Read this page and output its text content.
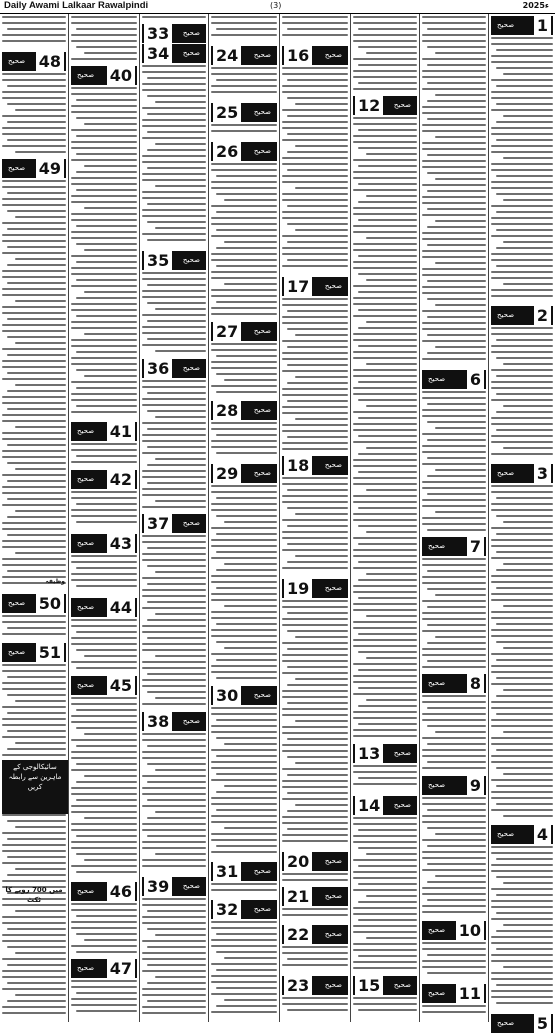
Daily Awami Lalkaar Rawalpindi	(3)	2025ء
48
صحیح
49
صحیح
50
صحیح
51
صحیح
40
صحیح
41
صحیح
42
صحیح
43
صحیح
44
صحیح
45
صحیح
46
صحیح
47
صحیح
33	صحیح
34	صحیح
35	صحیح
36	صحیح
37	صحیح
38	صحیح
39	صحیح
24	صحیح
25	صحیح
26	صحیح
27	صحیح
28	صحیح
29	صحیح
30	صحیح
31	صحیح
32	صحیح
16	صحیح
17	صحیح
18	صحیح
19	صحیح
20	صحیح
21	صحیح
22	صحیح
23	صحیح
12	صحیح
13	صحیح
14	صحیح
15	صحیح
6
صحیح
7
صحیح
8
صحیح
9
صحیح
10
صحیح
11
صحیح
1
صحیح
2
صحیح
3
صحیح
4
صحیح
5
صحیح
سائیکالوجی کے ماہرین سے رابطہ کریں
میں 700 روپے کا ٹکٹ
وظیفہ
